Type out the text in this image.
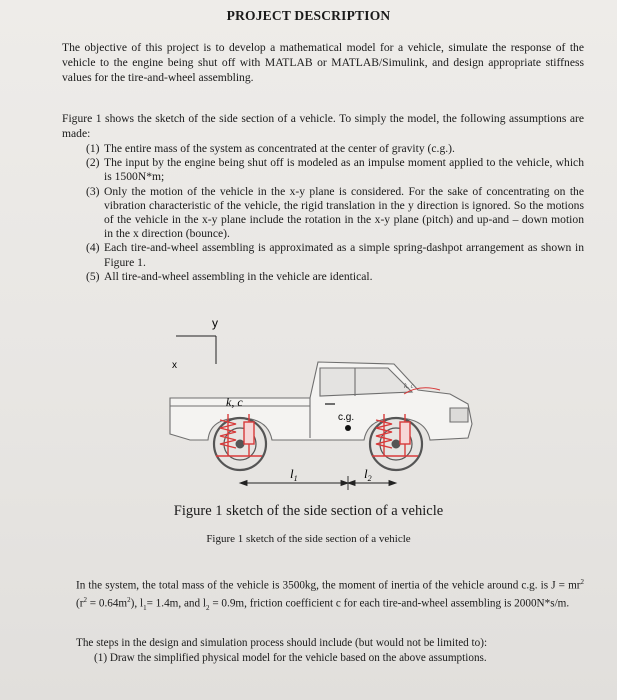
PROJECT DESCRIPTION
The objective of this project is to develop a mathematical model for a vehicle, simulate the response of the vehicle to the engine being shut off with MATLAB or MATLAB/Simulink, and design appropriate stiffness values for the tire-and-wheel assembling.
Figure 1 shows the sketch of the side section of a vehicle. To simply the model, the following assumptions are made:
(1) The entire mass of the system as concentrated at the center of gravity (c.g.).
(2) The input by the engine being shut off is modeled as an impulse moment applied to the vehicle, which is 1500N*m;
(3) Only the motion of the vehicle in the x-y plane is considered. For the sake of concentrating on the vibration characteristic of the vehicle, the rigid translation in the y direction is ignored. So the motions of the vehicle in the x-y plane include the rotation in the x-y plane (pitch) and up-and – down motion in the x direction (bounce).
(4) Each tire-and-wheel assembling is approximated as a simple spring-dashpot arrangement as shown in Figure 1.
(5) All tire-and-wheel assembling in the vehicle are identical.
y
x
k, c
k, c
c.g.
$l_1$	$l_2$
Figure 1 sketch of the side section of a vehicle
Figure 1 sketch of the side section of a vehicle
In the system, the total mass of the vehicle is 3500kg, the moment of inertia of the vehicle around c.g. is $J = mr^2$ $(r^2 = 0.64m^2)$, $l_1= 1.4m$, and $l_2 = 0.9m$, friction coefficient c for each tire-and-wheel assembling is 2000N*s/m.
The steps in the design and simulation process should include (but would not be limited to):
(1) Draw the simplified physical model for the vehicle based on the above assumptions.
